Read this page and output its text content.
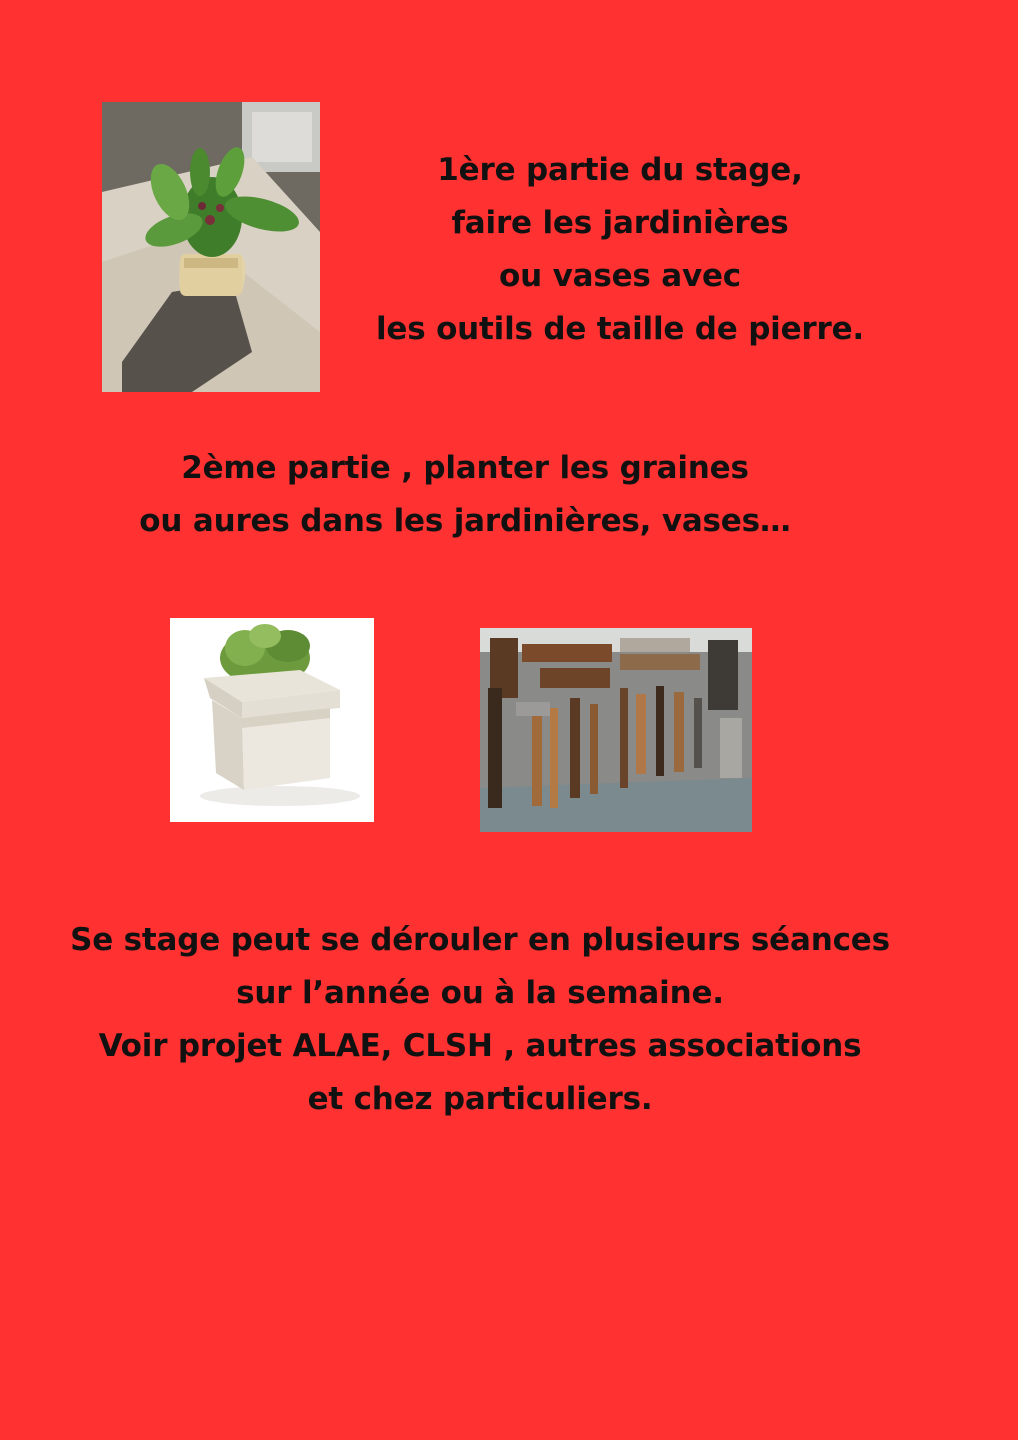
1ère partie du stage,
faire les jardinières
ou vases avec
les outils de taille de pierre.
2ème partie , planter les graines
ou aures dans les jardinières, vases…
Se stage peut se dérouler en plusieurs séances
sur l’année ou à la semaine.
Voir projet ALAE, CLSH , autres associations
et chez particuliers.
